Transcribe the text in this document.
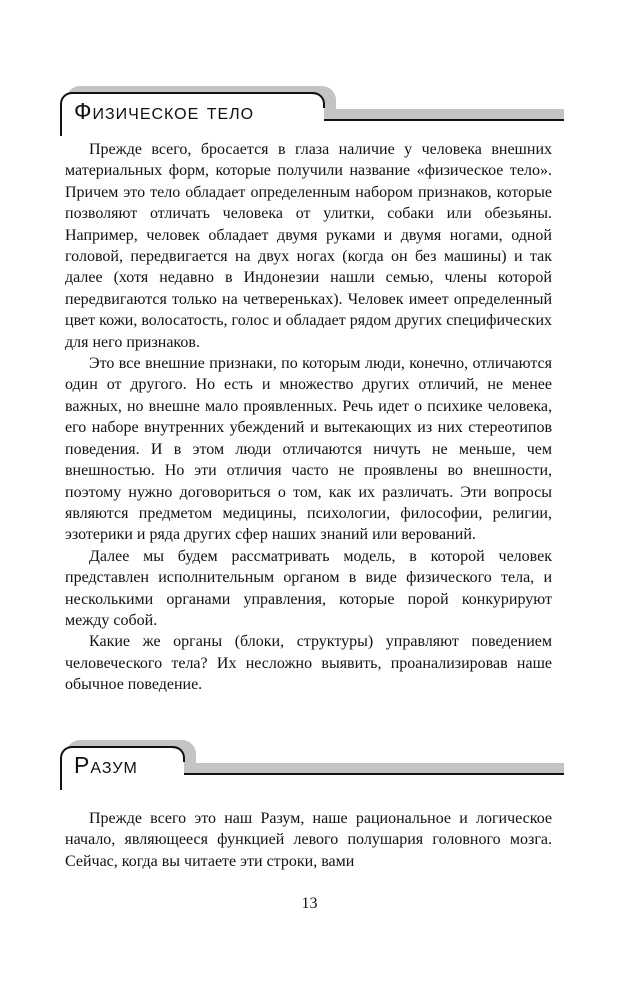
Физическое тело

Прежде всего, бросается в глаза наличие у человека внешних материальных форм, которые получили название «физическое тело». Причем это тело обладает определенным набором признаков, которые позволяют отличать человека от улитки, собаки или обезьяны. Например, человек обладает двумя руками и двумя ногами, одной головой, передвигается на двух ногах (когда он без машины) и так далее (хотя недавно в Индонезии нашли семью, члены которой передвигаются только на четвереньках). Человек имеет определенный цвет кожи, волосатость, голос и обладает рядом других специфических для него признаков.

Это все внешние признаки, по которым люди, конечно, отличаются один от другого. Но есть и множество других отличий, не менее важных, но внешне мало проявленных. Речь идет о психике человека, его наборе внутренних убеждений и вытекающих из них стереотипов поведения. И в этом люди отличаются ничуть не меньше, чем внешностью. Но эти отличия часто не проявлены во внешности, поэтому нужно договориться о том, как их различать. Эти вопросы являются предметом медицины, психологии, философии, религии, эзотерики и ряда других сфер наших знаний или верований.

Далее мы будем рассматривать модель, в которой человек представлен исполнительным органом в виде физического тела, и несколькими органами управления, которые порой конкурируют между собой.

Какие же органы (блоки, структуры) управляют поведением человеческого тела? Их несложно выявить, проанализировав наше обычное поведение.

Разум

Прежде всего это наш Разум, наше рациональное и логическое начало, являющееся функцией левого полушария головного мозга. Сейчас, когда вы читаете эти строки, вами

13
